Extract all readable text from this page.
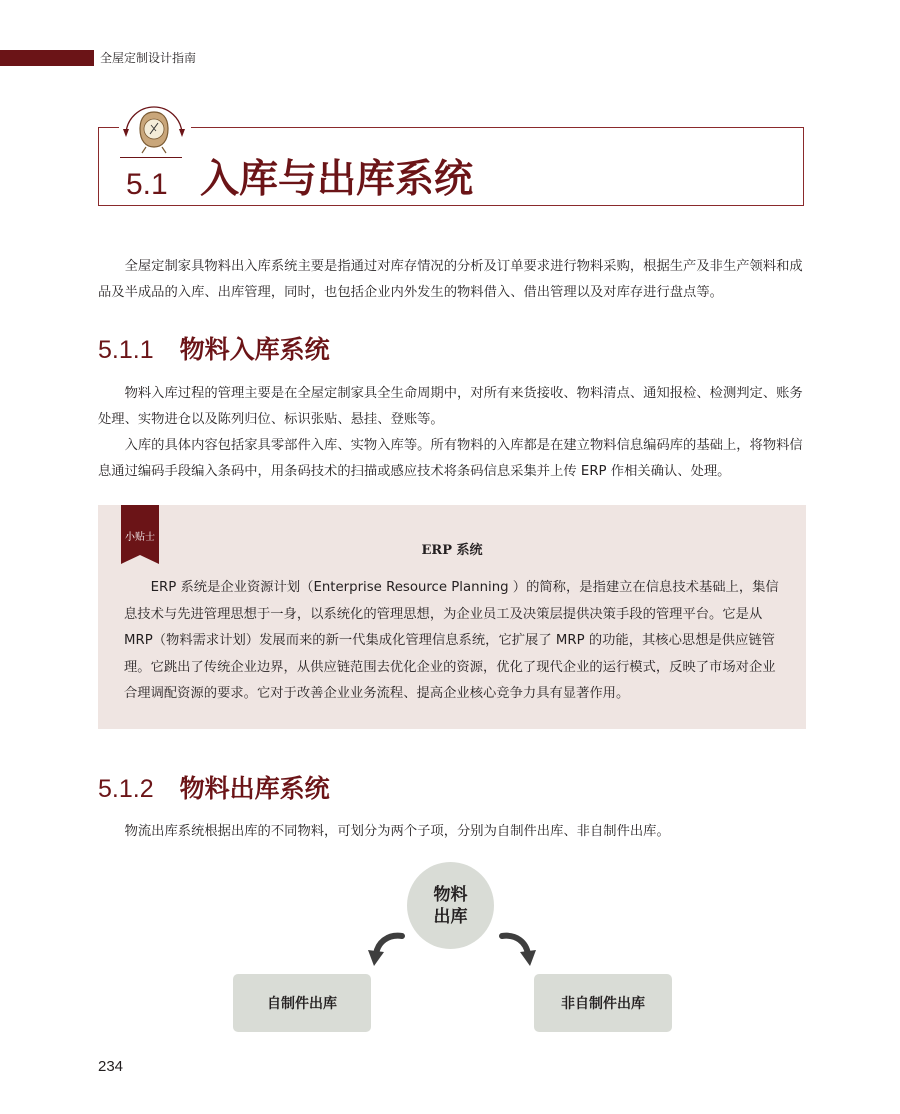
全屋定制设计指南
5.1 入库与出库系统

全屋定制家具物料出入库系统主要是指通过对库存情况的分析及订单要求进行物料采购，根据生产及非生产领料和成品及半成品的入库、出库管理，同时，也包括企业内外发生的物料借入、借出管理以及对库存进行盘点等。

5.1.1 物料入库系统

物料入库过程的管理主要是在全屋定制家具全生命周期中，对所有来货接收、物料清点、通知报检、检测判定、账务处理、实物进仓以及陈列归位、标识张贴、悬挂、登账等。

入库的具体内容包括家具零部件入库、实物入库等。所有物料的入库都是在建立物料信息编码库的基础上，将物料信息通过编码手段编入条码中，用条码技术的扫描或感应技术将条码信息采集并上传 ERP 作相关确认、处理。

小贴士
ERP 系统

ERP 系统是企业资源计划（Enterprise Resource Planning ）的简称，是指建立在信息技术基础上，集信息技术与先进管理思想于一身，以系统化的管理思想，为企业员工及决策层提供决策手段的管理平台。它是从 MRP（物料需求计划）发展而来的新一代集成化管理信息系统，它扩展了 MRP 的功能，其核心思想是供应链管理。它跳出了传统企业边界，从供应链范围去优化企业的资源，优化了现代企业的运行模式，反映了市场对企业合理调配资源的要求。它对于改善企业业务流程、提高企业核心竞争力具有显著作用。

5.1.2 物料出库系统

物流出库系统根据出库的不同物料，可划分为两个子项，分别为自制件出库、非自制件出库。

物料出库
自制件出库	非自制件出库
234
